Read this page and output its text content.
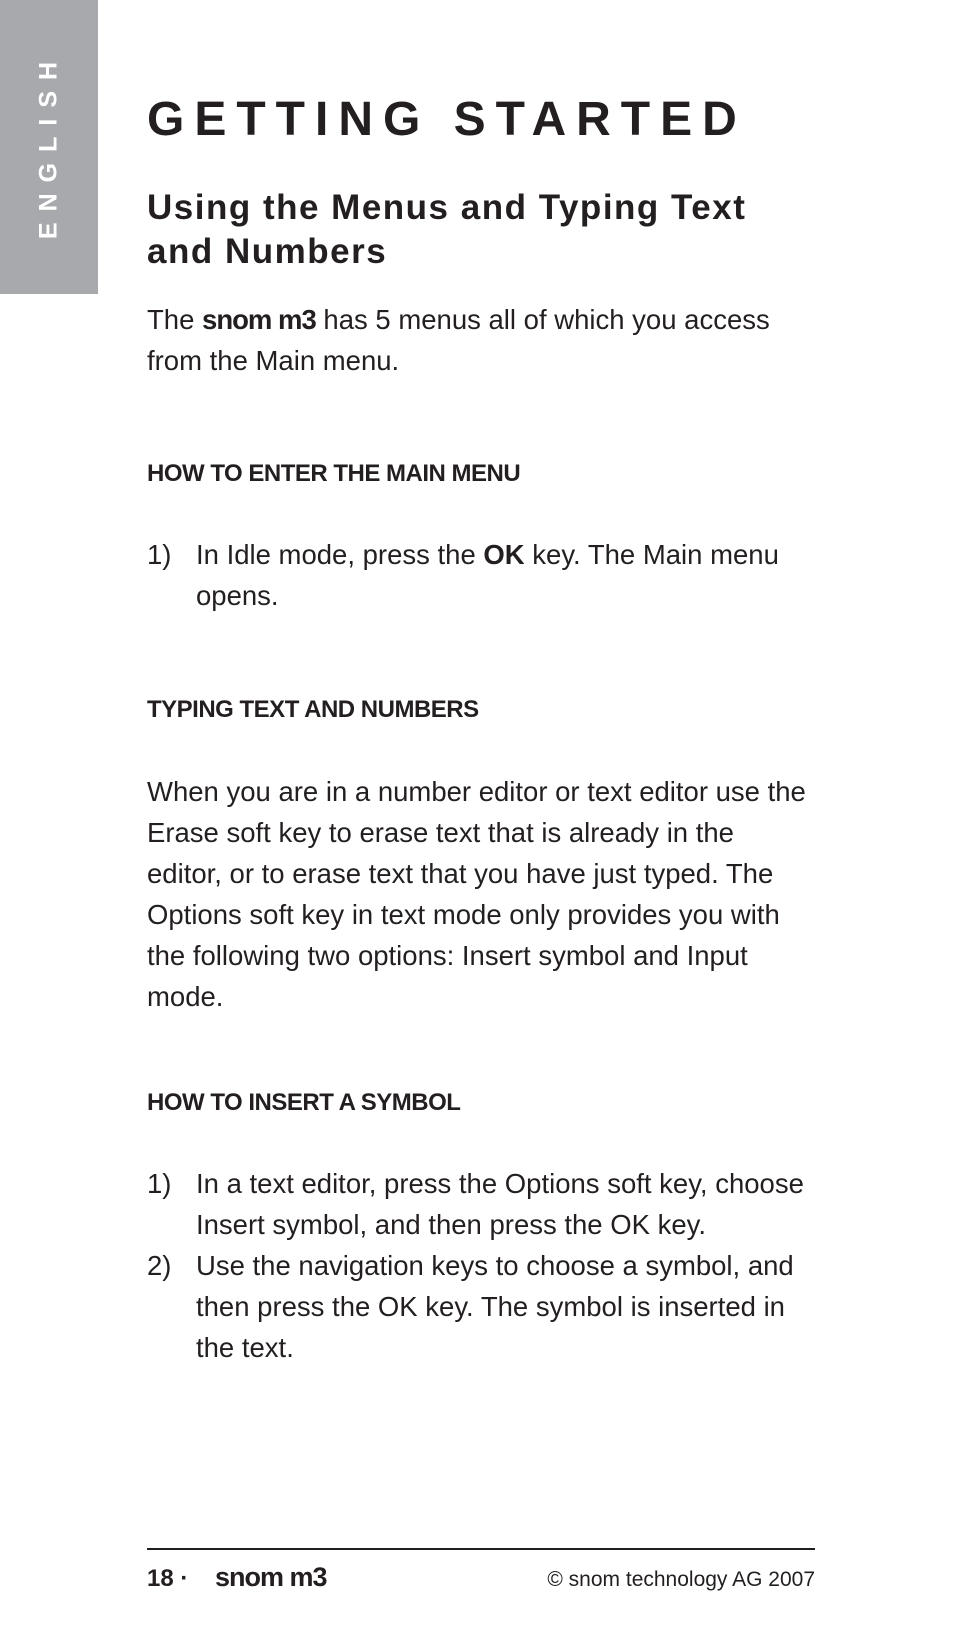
ENGLISH GETTING STARTED
Using the Menus and Typing Text and Numbers

The snom m3 has 5 menus all of which you access from the Main menu.

HOW TO ENTER THE MAIN MENU
1) In Idle mode, press the OK key. The Main menu opens.
TYPING TEXT AND NUMBERS

When you are in a number editor or text editor use the Erase soft key to erase text that is already in the editor, or to erase text that you have just typed. The Options soft key in text mode only provides you with the following two options: Insert symbol and Input mode.

HOW TO INSERT A SYMBOL
1) In a text editor, press the Options soft key, choose Insert symbol, and then press the OK key.
2) Use the navigation keys to choose a symbol, and then press the OK key. The symbol is inserted in the text.
18 · snom m3	© snom technology AG 2007
